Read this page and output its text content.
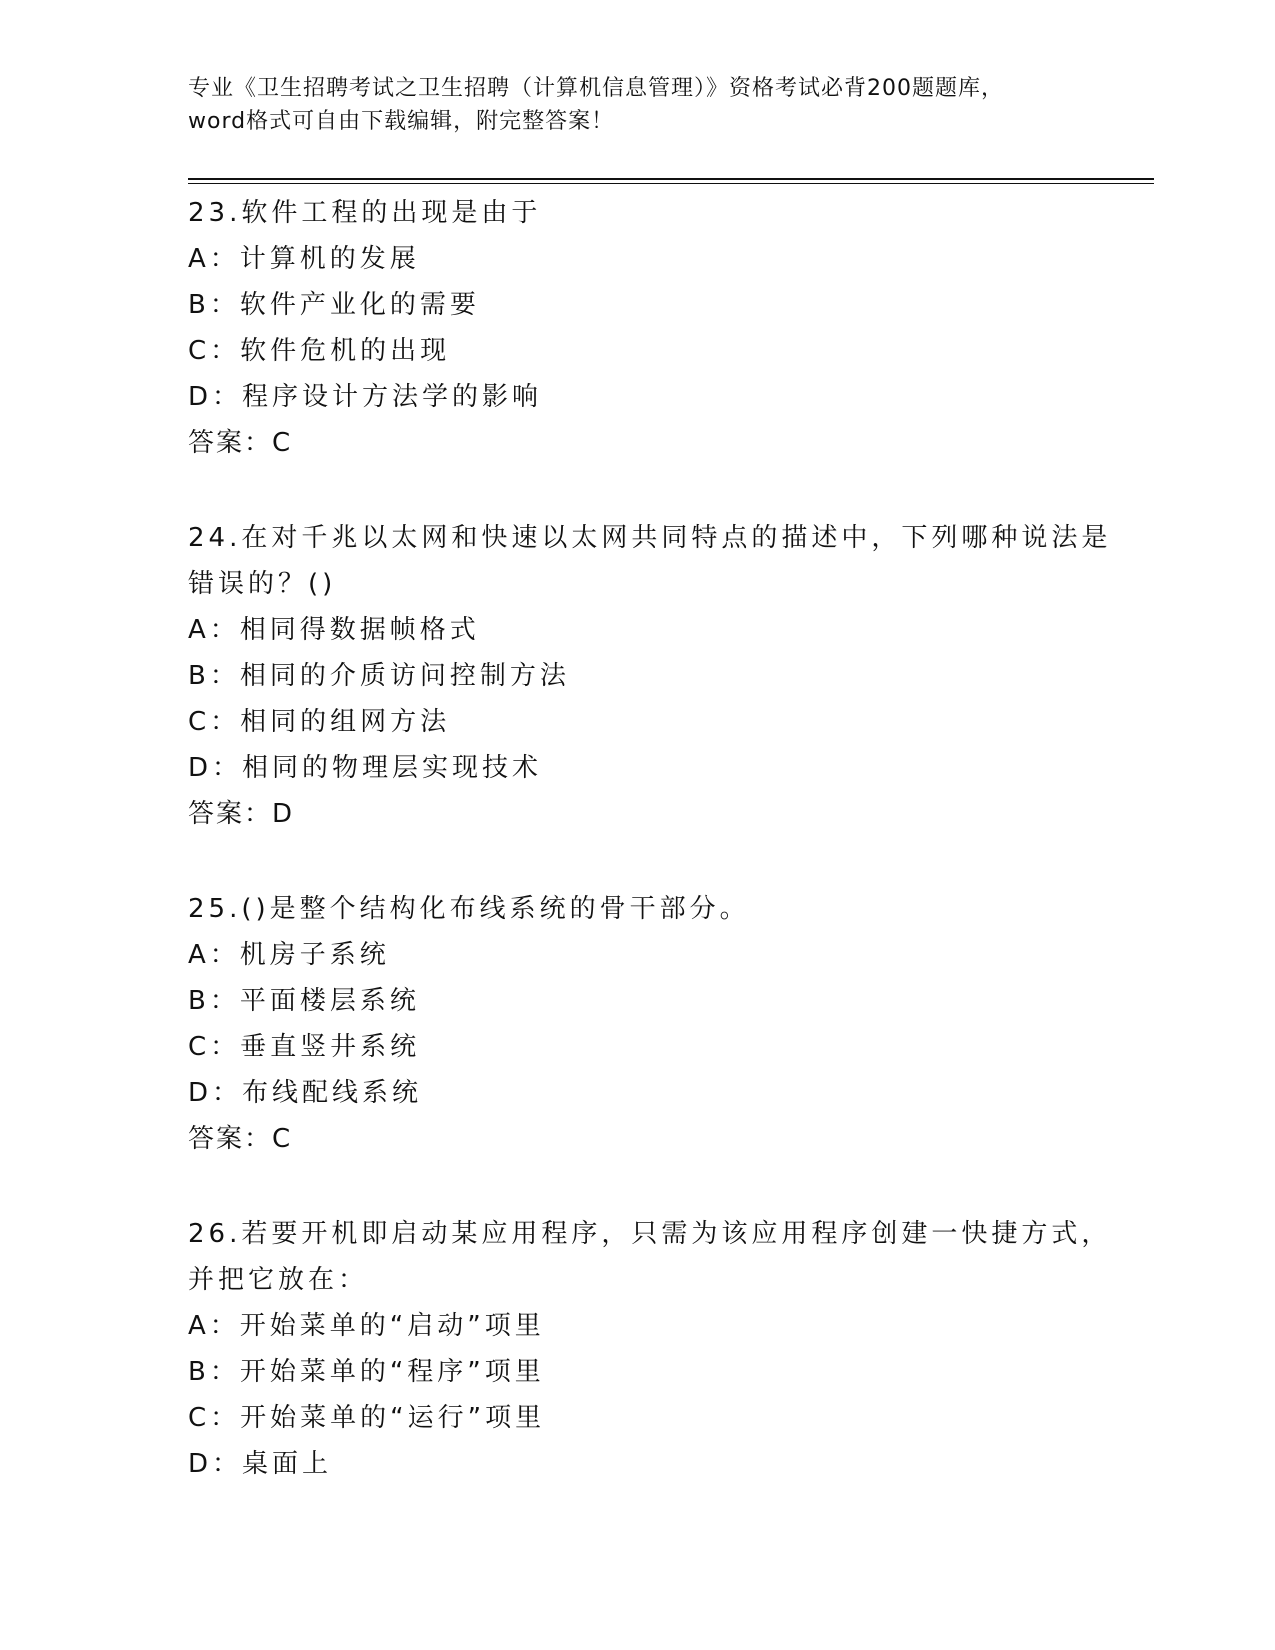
专业《卫生招聘考试之卫生招聘（计算机信息管理）》资格考试必背200题题库，
word格式可自由下载编辑，附完整答案！
23.软件工程的出现是由于
A：计算机的发展
B：软件产业化的需要
C：软件危机的出现
D：程序设计方法学的影响
答案：C
24.在对千兆以太网和快速以太网共同特点的描述中，下列哪种说法是
错误的？()
A：相同得数据帧格式
B：相同的介质访问控制方法
C：相同的组网方法
D：相同的物理层实现技术
答案：D
25.()是整个结构化布线系统的骨干部分。
A：机房子系统
B：平面楼层系统
C：垂直竖井系统
D：布线配线系统
答案：C
26.若要开机即启动某应用程序，只需为该应用程序创建一快捷方式，
并把它放在：
A：开始菜单的“启动”项里
B：开始菜单的“程序”项里
C：开始菜单的“运行”项里
D：桌面上
